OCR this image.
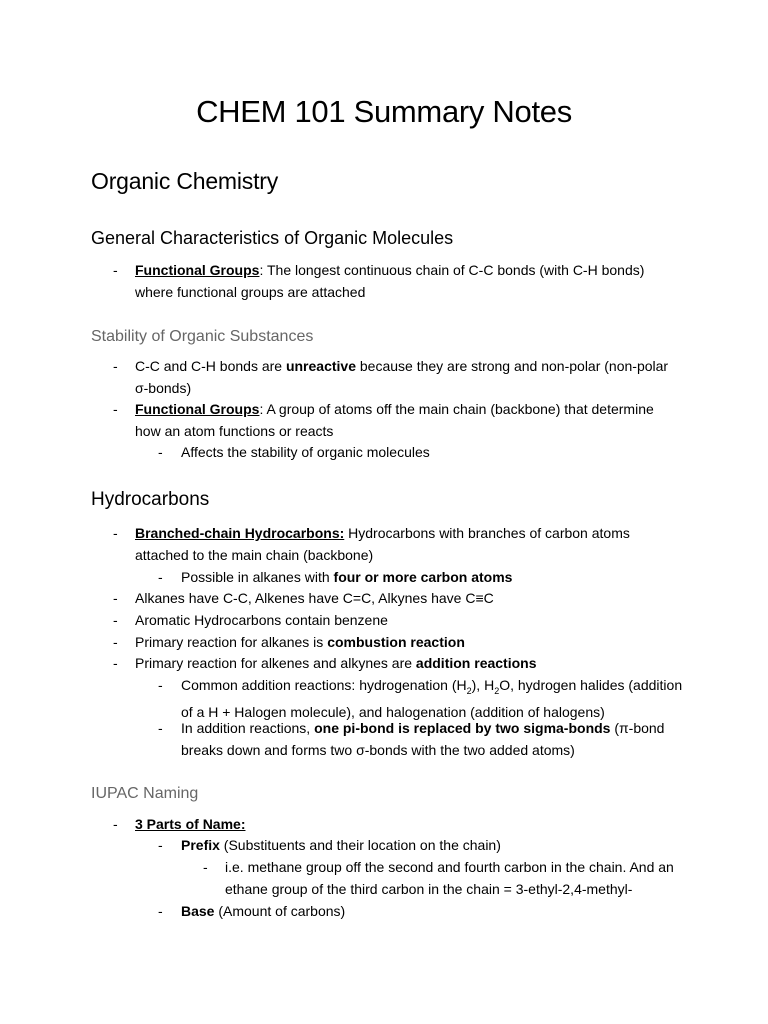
CHEM 101 Summary Notes
Organic Chemistry
General Characteristics of Organic Molecules
- Functional Groups: The longest continuous chain of C-C bonds (with C-H bonds) where functional groups are attached
Stability of Organic Substances
- C-C and C-H bonds are unreactive because they are strong and non-polar (non-polar σ-bonds)
- Functional Groups: A group of atoms off the main chain (backbone) that determine how an atom functions or reacts
- Affects the stability of organic molecules
Hydrocarbons
- Branched-chain Hydrocarbons: Hydrocarbons with branches of carbon atoms attached to the main chain (backbone)
- Possible in alkanes with four or more carbon atoms
- Alkanes have C-C, Alkenes have C=C, Alkynes have C≡C
- Aromatic Hydrocarbons contain benzene
- Primary reaction for alkanes is combustion reaction
- Primary reaction for alkenes and alkynes are addition reactions
- Common addition reactions: hydrogenation $(H_2)$, $H_2O$, hydrogen halides (addition of a H + Halogen molecule), and halogenation (addition of halogens)
- In addition reactions, one pi-bond is replaced by two sigma-bonds (π-bond breaks down and forms two σ-bonds with the two added atoms)
IUPAC Naming
- 3 Parts of Name:
- Prefix (Substituents and their location on the chain)
- i.e. methane group off the second and fourth carbon in the chain. And an ethane group of the third carbon in the chain = 3-ethyl-2,4-methyl-
- Base (Amount of carbons)
